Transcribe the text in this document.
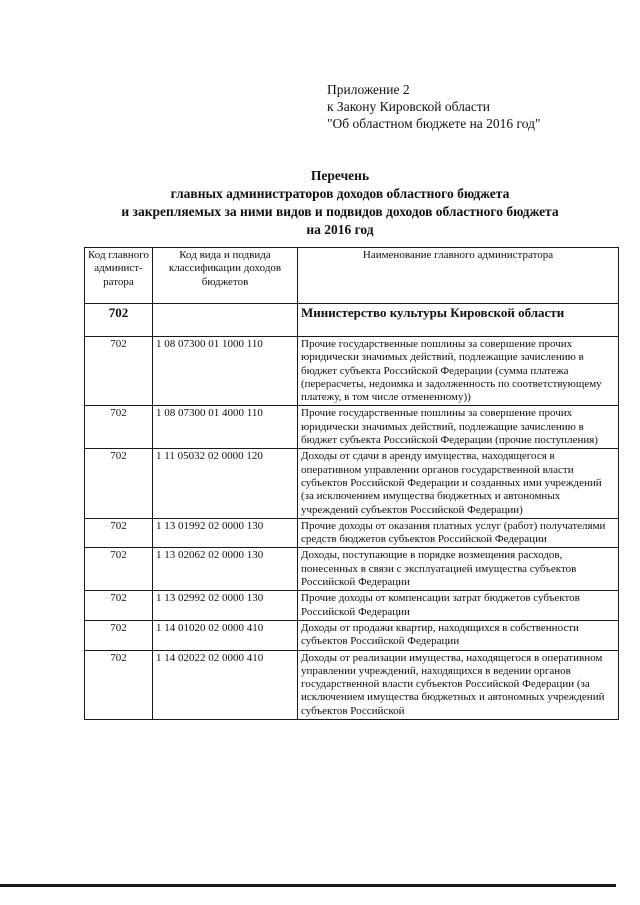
Приложение 2
к Закону Кировской области
"Об областном бюджете на 2016 год"
Перечень
главных администраторов доходов областного бюджета
и закрепляемых за ними видов и подвидов доходов областного бюджета
на 2016 год
Код главного админист-ратора	Код вида и подвида классификации доходов бюджетов	Наименование главного администратора
702		Министерство культуры Кировской области
702	1 08 07300 01 1000 110	Прочие государственные пошлины за совершение прочих юридически значимых действий, подлежащие зачислению в бюджет субъекта Российской Федерации (сумма платежа (перерасчеты, недоимка и задолженность по соответствующему платежу, в том числе отмененному))
702	1 08 07300 01 4000 110	Прочие государственные пошлины за совершение прочих юридически значимых действий, подлежащие зачислению в бюджет субъекта Российской Федерации (прочие поступления)
702	1 11 05032 02 0000 120	Доходы от сдачи в аренду имущества, находящегося в оперативном управлении органов государственной власти субъектов Российской Федерации и созданных ими учреждений (за исключением имущества бюджетных и автономных учреждений субъектов Российской Федерации)
702	1 13 01992 02 0000 130	Прочие доходы от оказания платных услуг (работ) получателями средств бюджетов субъектов Российской Федерации
702	1 13 02062 02 0000 130	Доходы, поступающие в порядке возмещения расходов, понесенных в связи с эксплуатацией имущества субъектов Российской Федерации
702	1 13 02992 02 0000 130	Прочие доходы от компенсации затрат бюджетов субъектов Российской Федерации
702	1 14 01020 02 0000 410	Доходы от продажи квартир, находящихся в собственности субъектов Российской Федерации
702	1 14 02022 02 0000 410	Доходы от реализации имущества, находящегося в оперативном управлении учреждений, находящихся в ведении органов государственной власти субъектов Российской Федерации (за исключением имущества бюджетных и автономных учреждений субъектов Российской
